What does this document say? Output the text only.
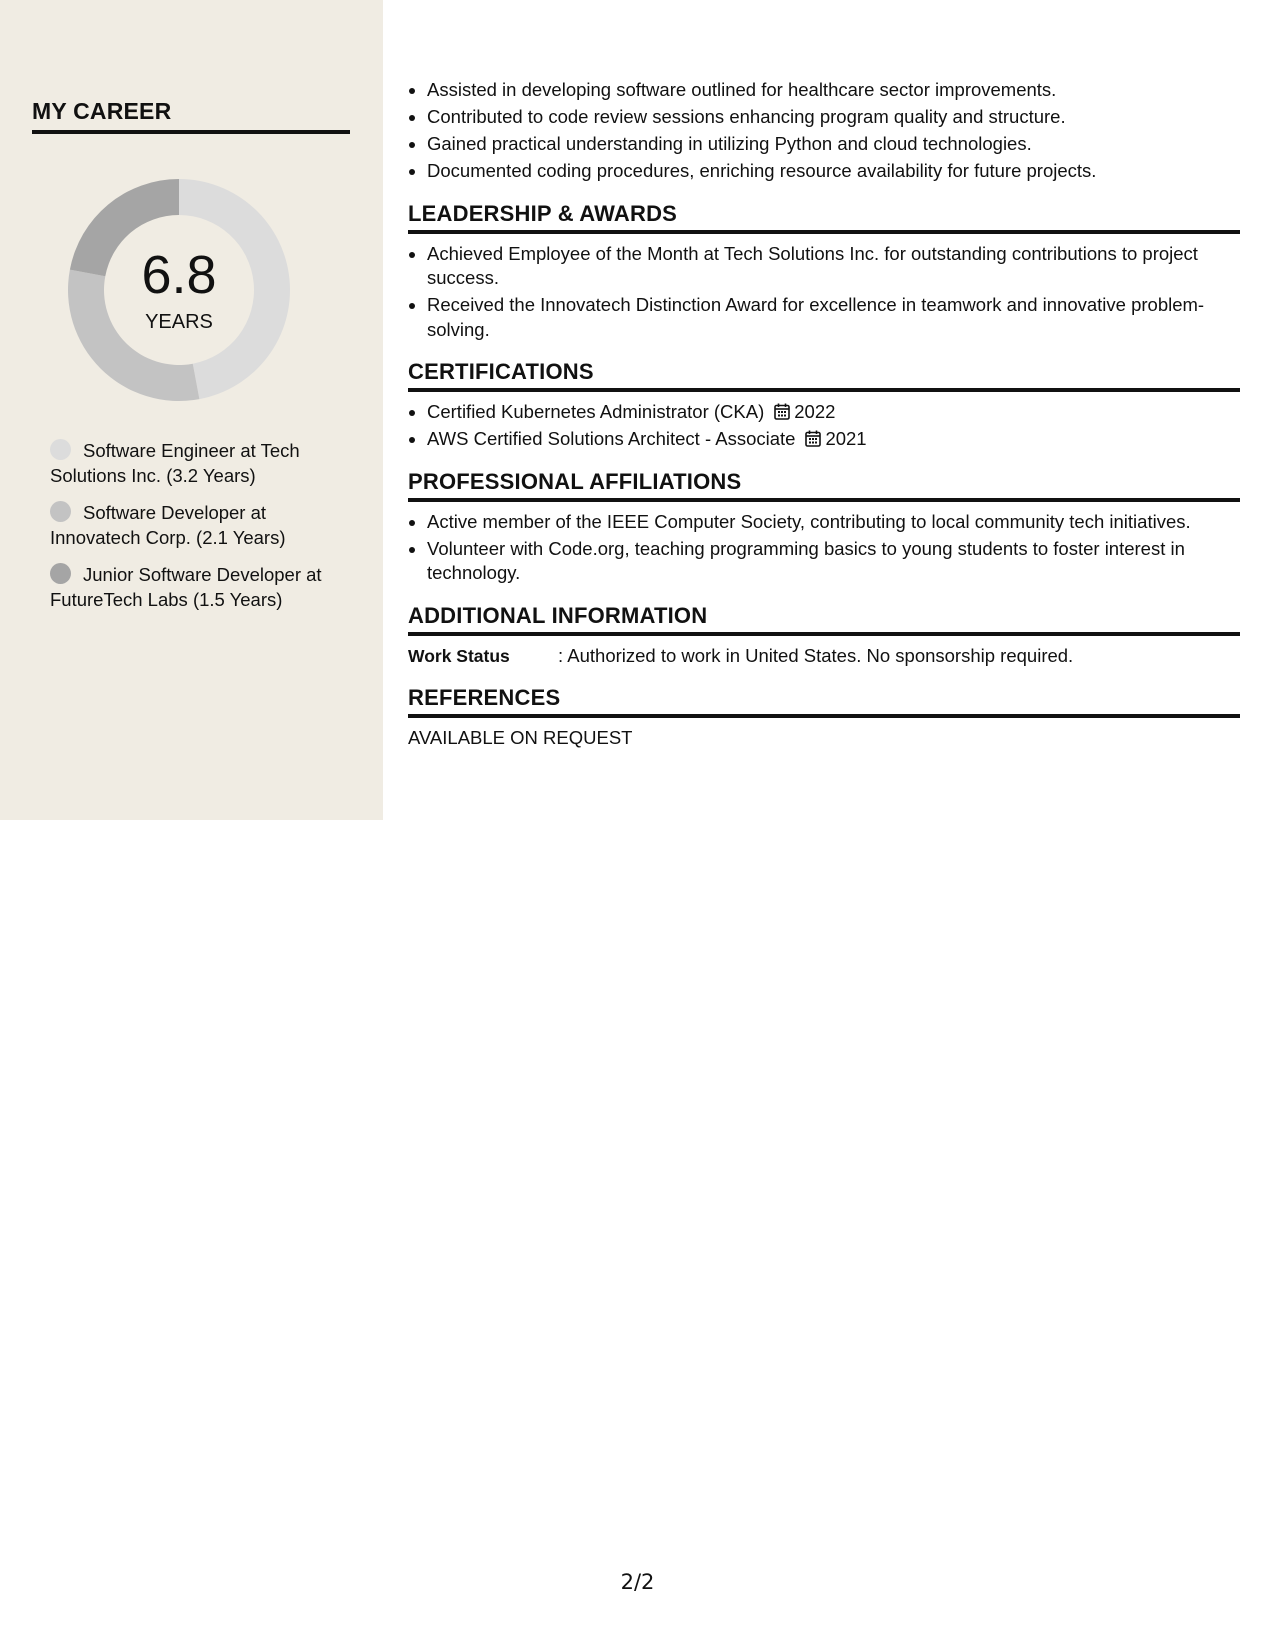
MY CAREER
6.8
YEARS
Software Engineer at Tech Solutions Inc. (3.2 Years)
Software Developer at Innovatech Corp. (2.1 Years)
Junior Software Developer at FutureTech Labs (1.5 Years)
• Assisted in developing software outlined for healthcare sector improvements.
• Contributed to code review sessions enhancing program quality and structure.
• Gained practical understanding in utilizing Python and cloud technologies.
• Documented coding procedures, enriching resource availability for future projects.
LEADERSHIP & AWARDS
• Achieved Employee of the Month at Tech Solutions Inc. for outstanding contributions to project success.
• Received the Innovatech Distinction Award for excellence in teamwork and innovative problem-solving.
CERTIFICATIONS
• Certified Kubernetes Administrator (CKA) 2022
• AWS Certified Solutions Architect - Associate 2021
PROFESSIONAL AFFILIATIONS
• Active member of the IEEE Computer Society, contributing to local community tech initiatives.
• Volunteer with Code.org, teaching programming basics to young students to foster interest in technology.
ADDITIONAL INFORMATION
Work Status	: Authorized to work in United States. No sponsorship required.
REFERENCES

AVAILABLE ON REQUEST

2/2
